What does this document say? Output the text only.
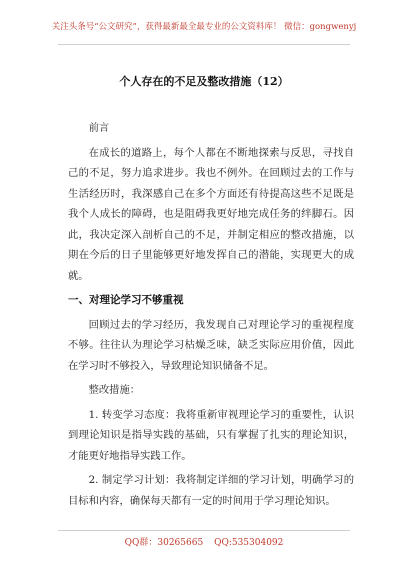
关注头条号“公文研究”，获得最新最全最专业的公文资料库！ 微信：gongwenyj
个人存在的不足及整改措施（12）

前言

在成长的道路上，每个人都在不断地探索与反思，寻找自己的不足，努力追求进步。我也不例外。在回顾过去的工作与生活经历时，我深感自己在多个方面还有待提高这些不足既是我个人成长的障碍，也是阻碍我更好地完成任务的绊脚石。因此，我决定深入剖析自己的不足，并制定相应的整改措施，以期在今后的日子里能够更好地发挥自己的潜能，实现更大的成就。

一、对理论学习不够重视

回顾过去的学习经历，我发现自己对理论学习的重视程度不够。往往认为理论学习枯燥乏味，缺乏实际应用价值，因此在学习时不够投入，导致理论知识储备不足。

整改措施：

1. 转变学习态度：我将重新审视理论学习的重要性，认识到理论知识是指导实践的基础，只有掌握了扎实的理论知识，才能更好地指导实践工作。

2. 制定学习计划：我将制定详细的学习计划，明确学习的目标和内容，确保每天都有一定的时间用于学习理论知识。

QQ群：30265665 QQ:535304092
